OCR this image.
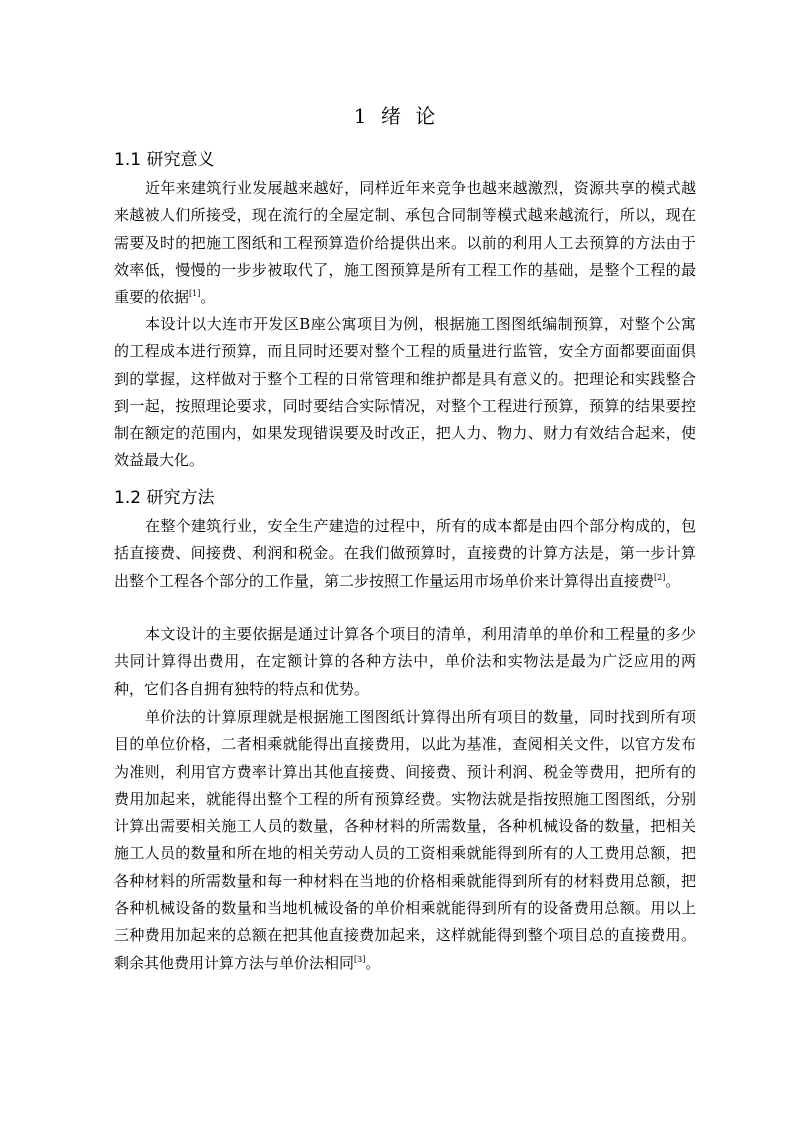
1 绪 论
1.1 研究意义

近年来建筑行业发展越来越好，同样近年来竞争也越来越激烈，资源共享的模式越来越被人们所接受，现在流行的全屋定制、承包合同制等模式越来越流行，所以，现在需要及时的把施工图纸和工程预算造价给提供出来。以前的利用人工去预算的方法由于效率低，慢慢的一步步被取代了，施工图预算是所有工程工作的基础，是整个工程的最重要的依据[1]。

本设计以大连市开发区B座公寓项目为例，根据施工图图纸编制预算，对整个公寓的工程成本进行预算，而且同时还要对整个工程的质量进行监管，安全方面都要面面俱到的掌握，这样做对于整个工程的日常管理和维护都是具有意义的。把理论和实践整合到一起，按照理论要求，同时要结合实际情况，对整个工程进行预算，预算的结果要控制在额定的范围内，如果发现错误要及时改正，把人力、物力、财力有效结合起来，使效益最大化。

1.2 研究方法

在整个建筑行业，安全生产建造的过程中，所有的成本都是由四个部分构成的，包括直接费、间接费、利润和税金。在我们做预算时，直接费的计算方法是，第一步计算出整个工程各个部分的工作量，第二步按照工作量运用市场单价来计算得出直接费[2]。

本文设计的主要依据是通过计算各个项目的清单，利用清单的单价和工程量的多少共同计算得出费用，在定额计算的各种方法中，单价法和实物法是最为广泛应用的两种，它们各自拥有独特的特点和优势。

单价法的计算原理就是根据施工图图纸计算得出所有项目的数量，同时找到所有项目的单位价格，二者相乘就能得出直接费用，以此为基准，查阅相关文件，以官方发布为准则，利用官方费率计算出其他直接费、间接费、预计利润、税金等费用，把所有的费用加起来，就能得出整个工程的所有预算经费。实物法就是指按照施工图图纸，分别计算出需要相关施工人员的数量，各种材料的所需数量，各种机械设备的数量，把相关施工人员的数量和所在地的相关劳动人员的工资相乘就能得到所有的人工费用总额，把各种材料的所需数量和每一种材料在当地的价格相乘就能得到所有的材料费用总额，把各种机械设备的数量和当地机械设备的单价相乘就能得到所有的设备费用总额。用以上三种费用加起来的总额在把其他直接费加起来，这样就能得到整个项目总的直接费用。剩余其他费用计算方法与单价法相同[3]。
